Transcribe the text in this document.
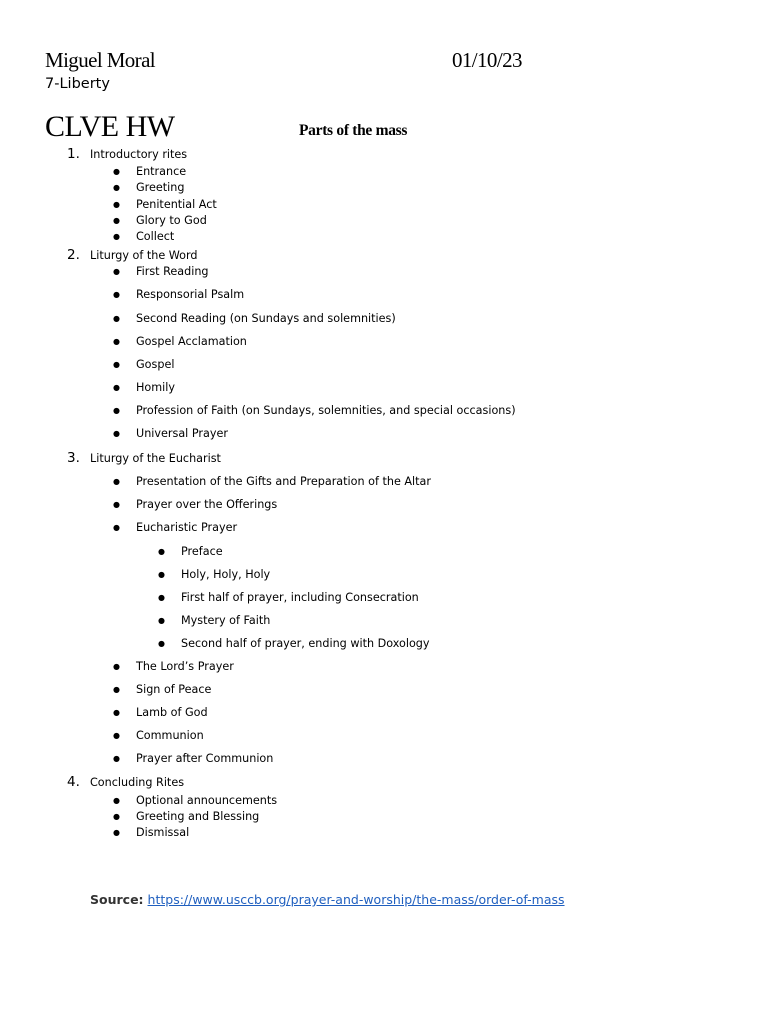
Miguel Moral	01/10/23
7-Liberty
CLVE HW	Parts of the mass
1. Introductory rites
● Entrance
● Greeting
● Penitential Act
● Glory to God
● Collect
2. Liturgy of the Word
● First Reading
● Responsorial Psalm
● Second Reading (on Sundays and solemnities)
● Gospel Acclamation
● Gospel
● Homily
● Profession of Faith (on Sundays, solemnities, and special occasions)
● Universal Prayer
3. Liturgy of the Eucharist
● Presentation of the Gifts and Preparation of the Altar
● Prayer over the Offerings
● Eucharistic Prayer
● Preface
● Holy, Holy, Holy
● First half of prayer, including Consecration
● Mystery of Faith
● Second half of prayer, ending with Doxology
● The Lord’s Prayer
● Sign of Peace
● Lamb of God
● Communion
● Prayer after Communion
4. Concluding Rites
● Optional announcements
● Greeting and Blessing
● Dismissal
Source: https://www.usccb.org/prayer-and-worship/the-mass/order-of-mass
